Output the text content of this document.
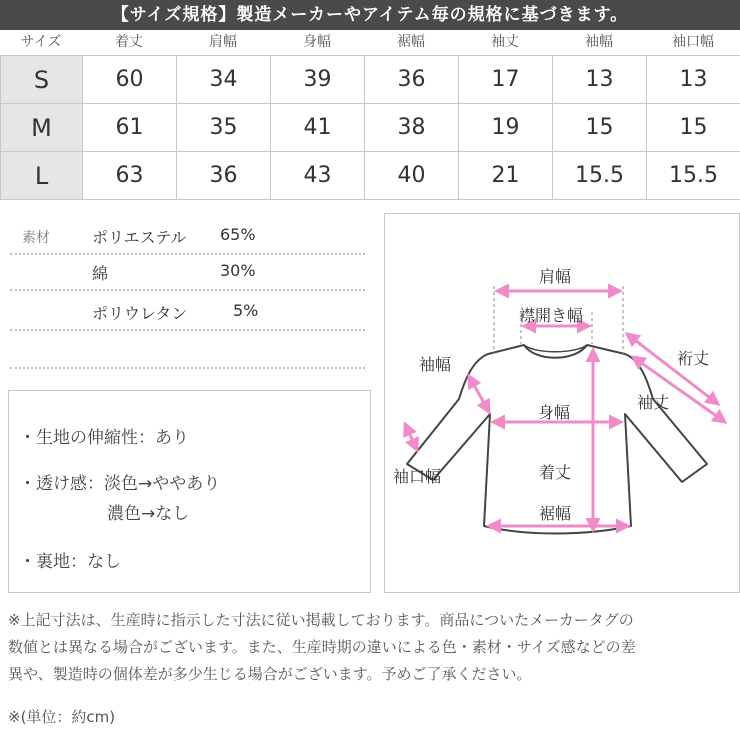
【サイズ規格】製造メーカーやアイテム毎の規格に基づきます。
サイズ	着丈	肩幅	身幅	裾幅	袖丈	袖幅	袖口幅
S	60	34	39	36	17	13	13
M	61	35	41	38	19	15	15
L	63	36	43	40	21	15.5	15.5
素材	ポリエステル 65%
綿	30%
ポリウレタン	5%
・生地の伸縮性：あり
・透け感：淡色→ややあり
濃色→なし
・裏地：なし
肩幅
襟開き幅
袖幅	裄丈
袖丈
身幅
袖口幅	着丈
裾幅
※上記寸法は、生産時に指示した寸法に従い掲載しております。商品についたメーカータグの
数値とは異なる場合がございます。また、生産時期の違いによる色・素材・サイズ感などの差
異や、製造時の個体差が多少生じる場合がございます。予めご了承ください。
※(単位：約cm)
